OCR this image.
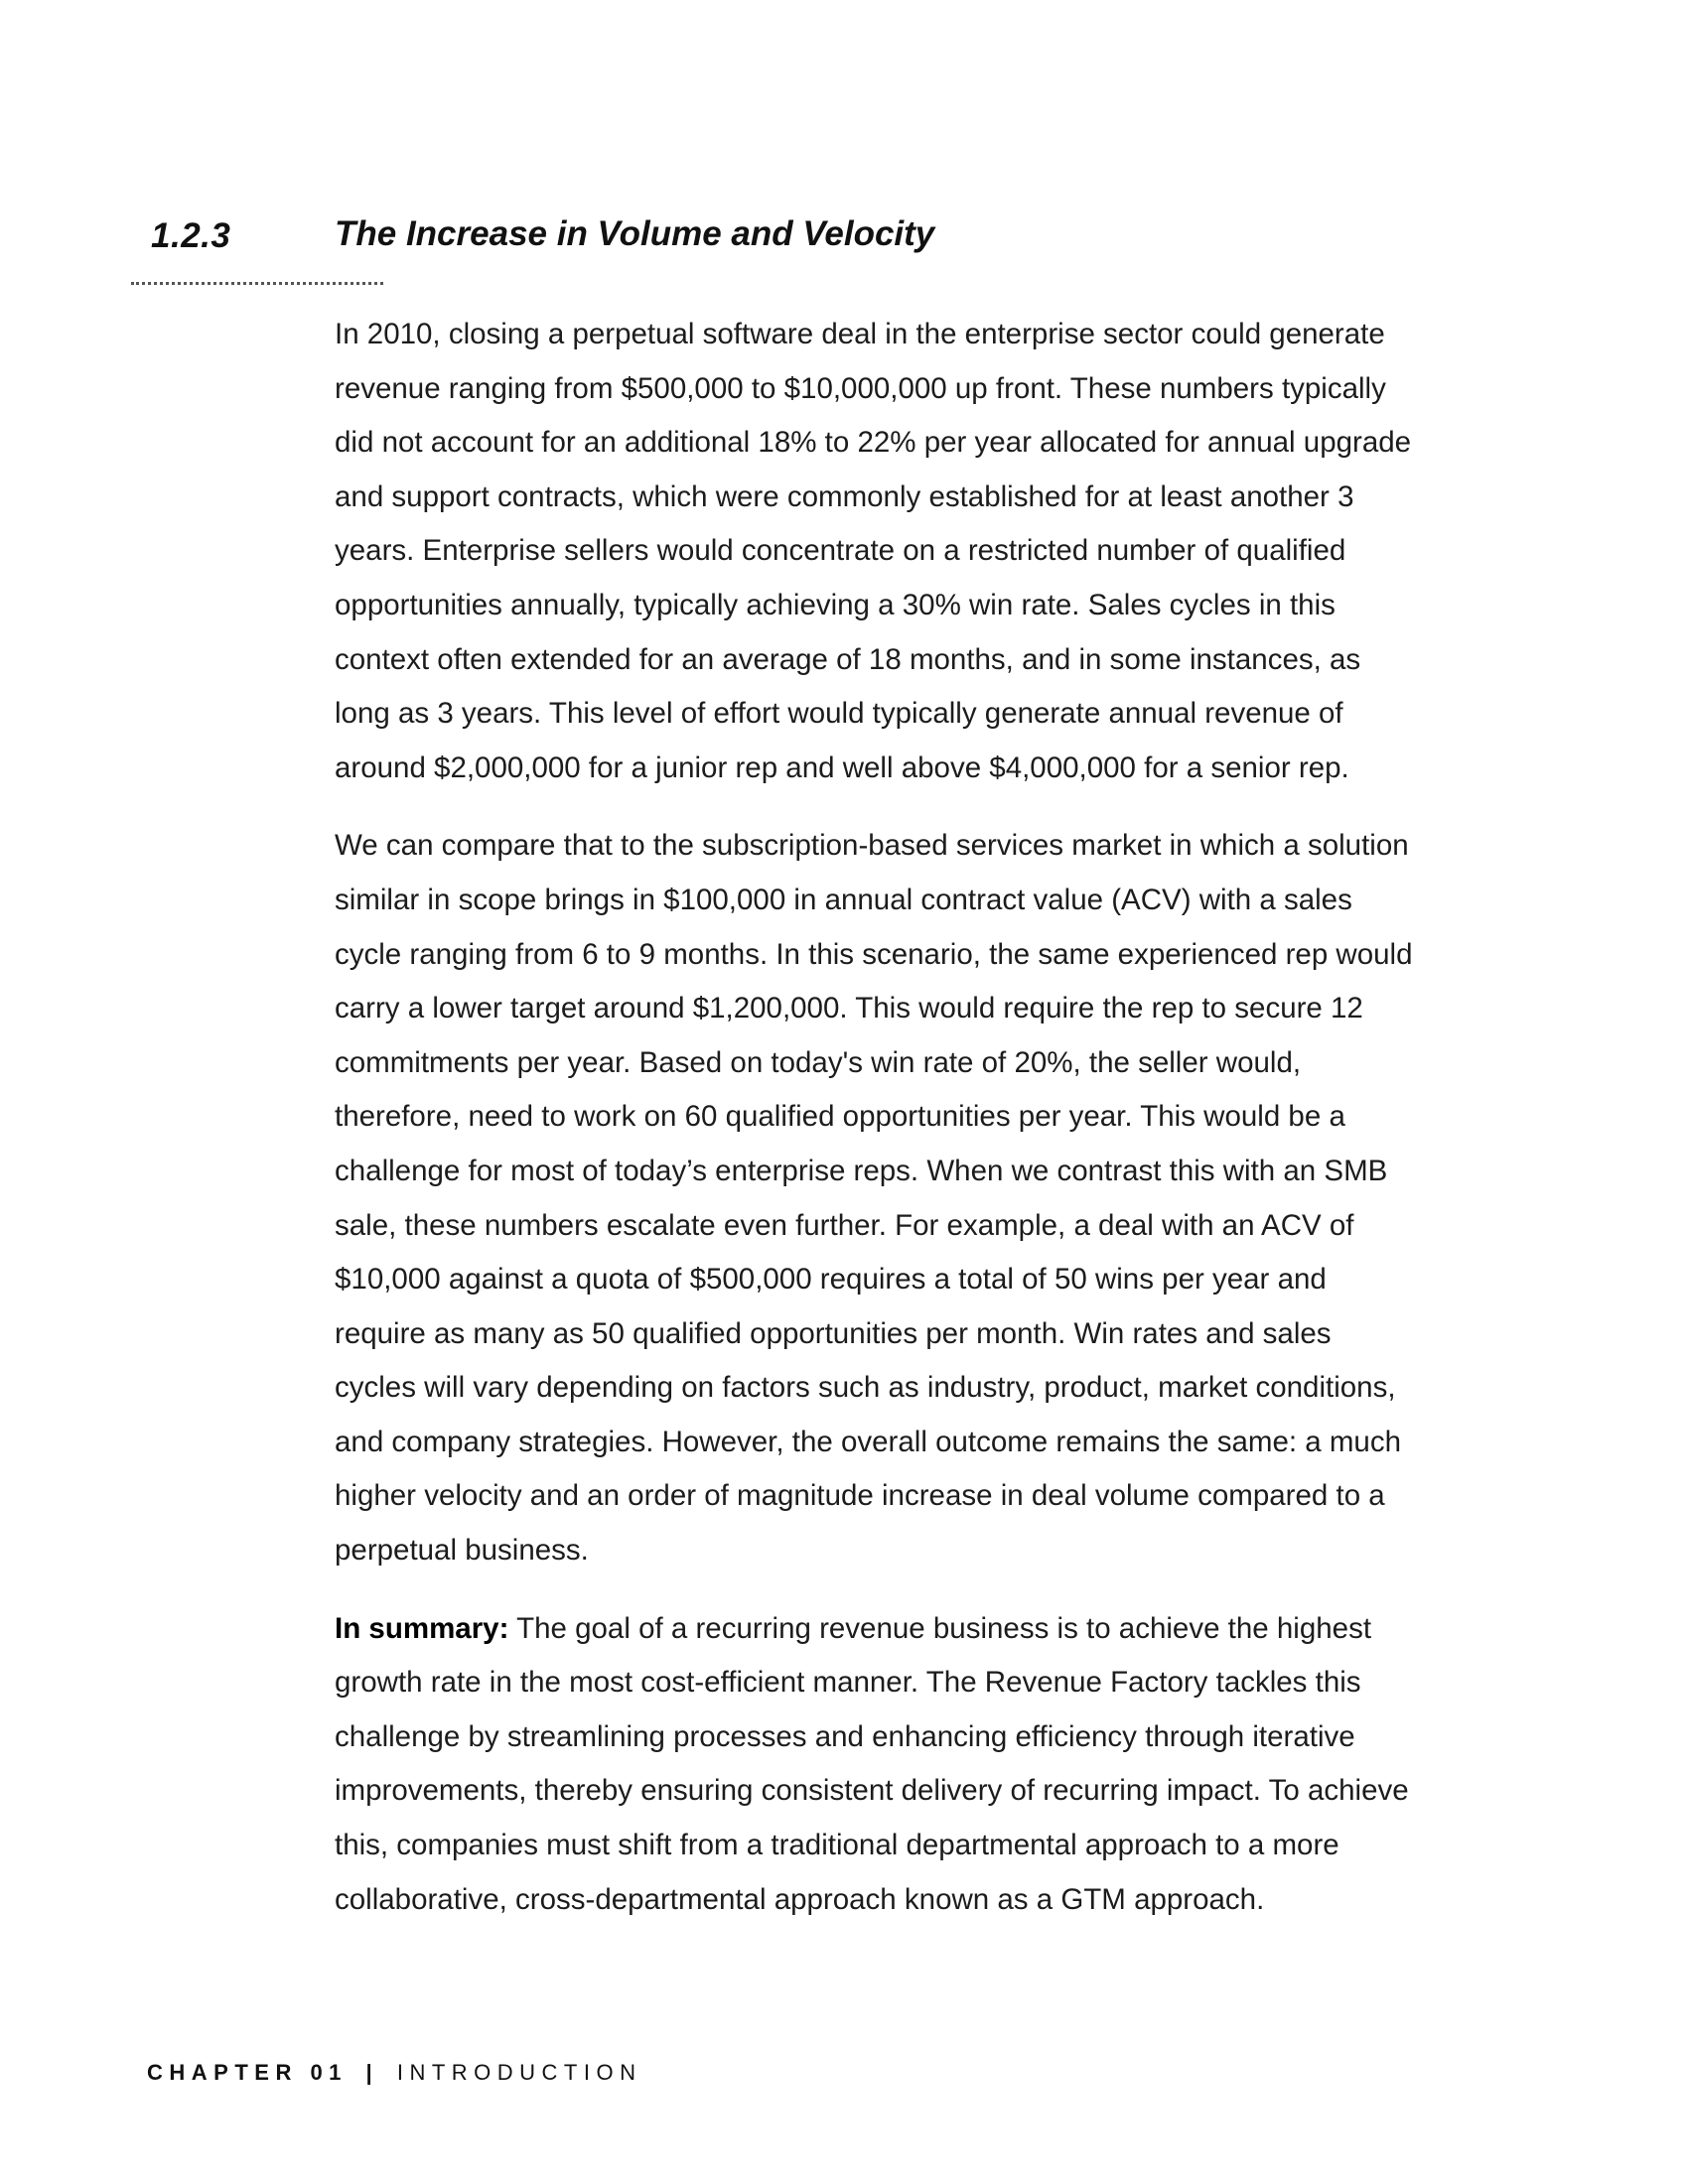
1.2.3	The Increase in Volume and Velocity

In 2010, closing a perpetual software deal in the enterprise sector could generate revenue ranging from $500,000 to $10,000,000 up front. These numbers typically did not account for an additional 18% to 22% per year allocated for annual upgrade and support contracts, which were commonly established for at least another 3 years. Enterprise sellers would concentrate on a restricted number of qualified opportunities annually, typically achieving a 30% win rate. Sales cycles in this context often extended for an average of 18 months, and in some instances, as long as 3 years. This level of effort would typically generate annual revenue of around $2,000,000 for a junior rep and well above $4,000,000 for a senior rep.

We can compare that to the subscription-based services market in which a solution similar in scope brings in $100,000 in annual contract value (ACV) with a sales cycle ranging from 6 to 9 months. In this scenario, the same experienced rep would carry a lower target around $1,200,000. This would require the rep to secure 12 commitments per year. Based on today's win rate of 20%, the seller would, therefore, need to work on 60 qualified opportunities per year. This would be a challenge for most of today’s enterprise reps. When we contrast this with an SMB sale, these numbers escalate even further. For example, a deal with an ACV of $10,000 against a quota of $500,000 requires a total of 50 wins per year and require as many as 50 qualified opportunities per month. Win rates and sales cycles will vary depending on factors such as industry, product, market conditions, and company strategies. However, the overall outcome remains the same: a much higher velocity and an order of magnitude increase in deal volume compared to a perpetual business.

In summary: The goal of a recurring revenue business is to achieve the highest growth rate in the most cost-efficient manner. The Revenue Factory tackles this challenge by streamlining processes and enhancing efficiency through iterative improvements, thereby ensuring consistent delivery of recurring impact. To achieve this, companies must shift from a traditional departmental approach to a more collaborative, cross-departmental approach known as a GTM approach.

CHAPTER 01 | INTRODUCTION
